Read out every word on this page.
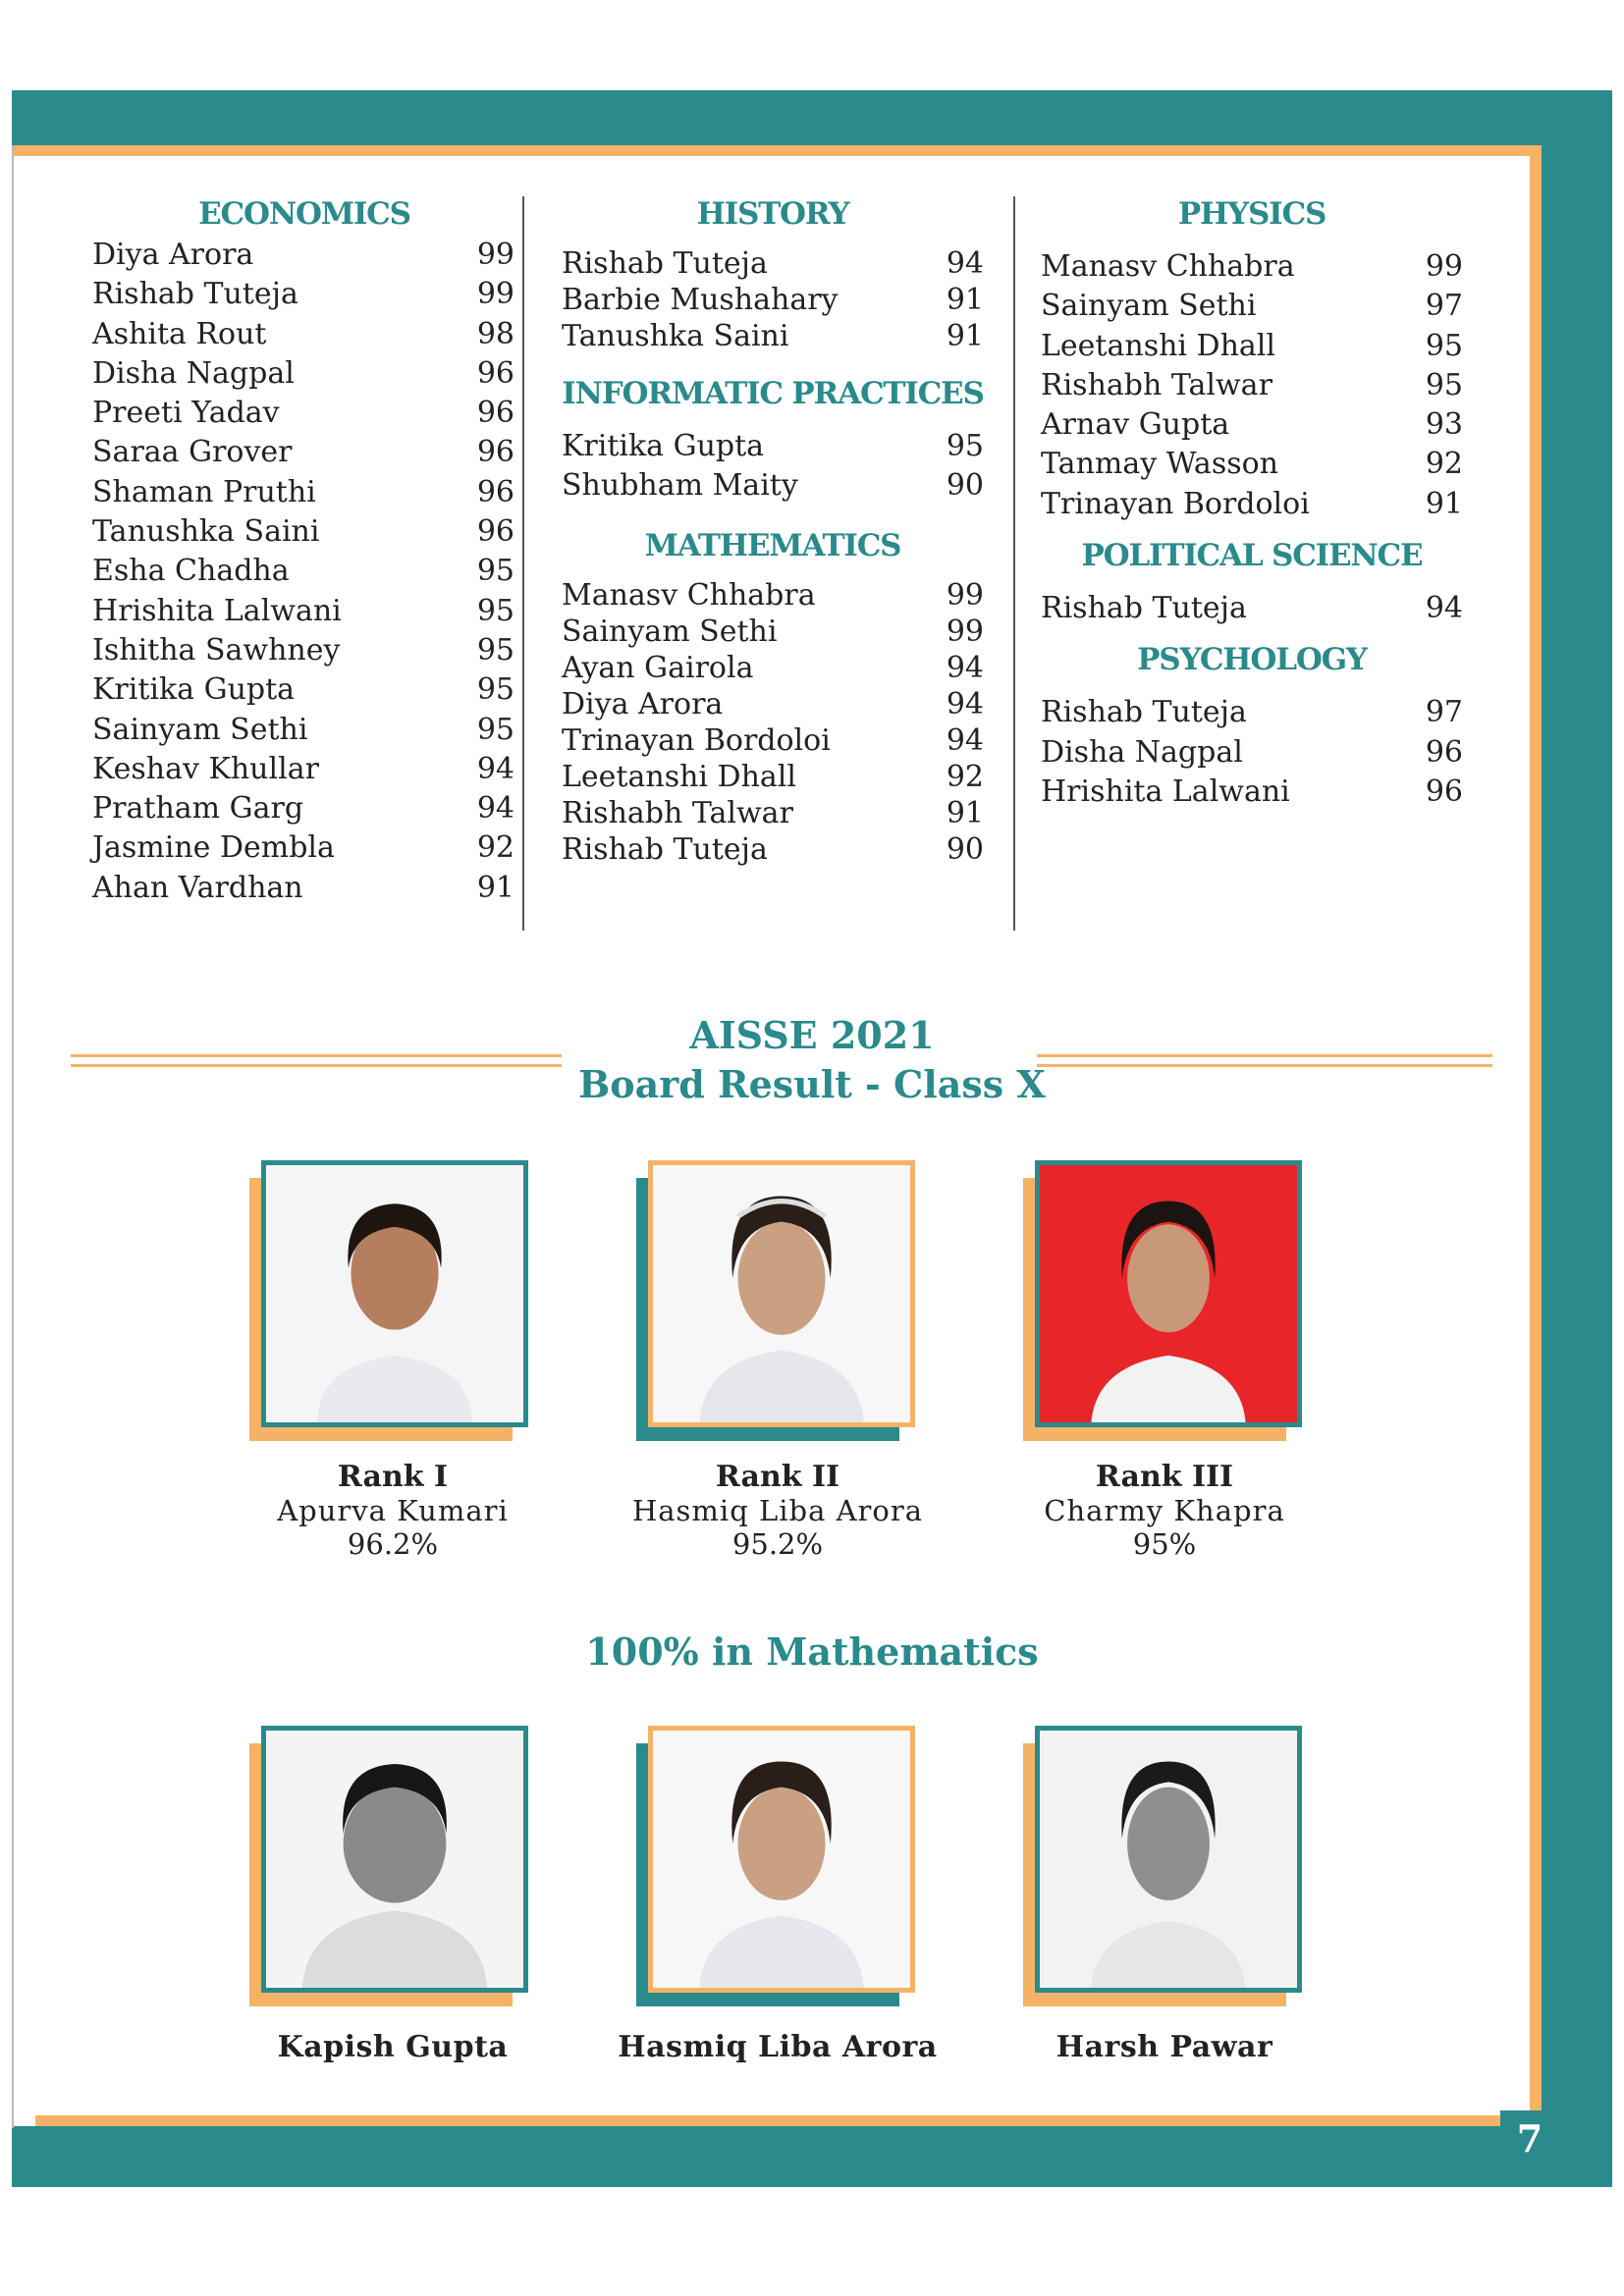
7
ECONOMICS
Diya Arora	99
Rishab Tuteja	99
Ashita Rout	98
Disha Nagpal	96
Preeti Yadav	96
Saraa Grover	96
Shaman Pruthi	96
Tanushka Saini	96
Esha Chadha	95
Hrishita Lalwani	95
Ishitha Sawhney	95
Kritika Gupta	95
Sainyam Sethi	95
Keshav Khullar	94
Pratham Garg	94
Jasmine Dembla	92
Ahan Vardhan	91
HISTORY
Rishab Tuteja	94
Barbie Mushahary	91
Tanushka Saini	91
INFORMATIC PRACTICES
Kritika Gupta	95
Shubham Maity	90
MATHEMATICS
Manasv Chhabra	99
Sainyam Sethi	99
Ayan Gairola	94
Diya Arora	94
Trinayan Bordoloi	94
Leetanshi Dhall	92
Rishabh Talwar	91
Rishab Tuteja	90
PHYSICS
Manasv Chhabra	99
Sainyam Sethi	97
Leetanshi Dhall	95
Rishabh Talwar	95
Arnav Gupta	93
Tanmay Wasson	92
Trinayan Bordoloi	91
POLITICAL SCIENCE
Rishab Tuteja	94
PSYCHOLOGY
Rishab Tuteja	97
Disha Nagpal	96
Hrishita Lalwani	96
AISSE 2021
Board Result - Class X
Rank I
Apurva Kumari
96.2%
Rank II
Hasmiq Liba Arora
95.2%
Rank III
Charmy Khapra
95%
100% in Mathematics
Kapish Gupta	Hasmiq Liba Arora	Harsh Pawar
